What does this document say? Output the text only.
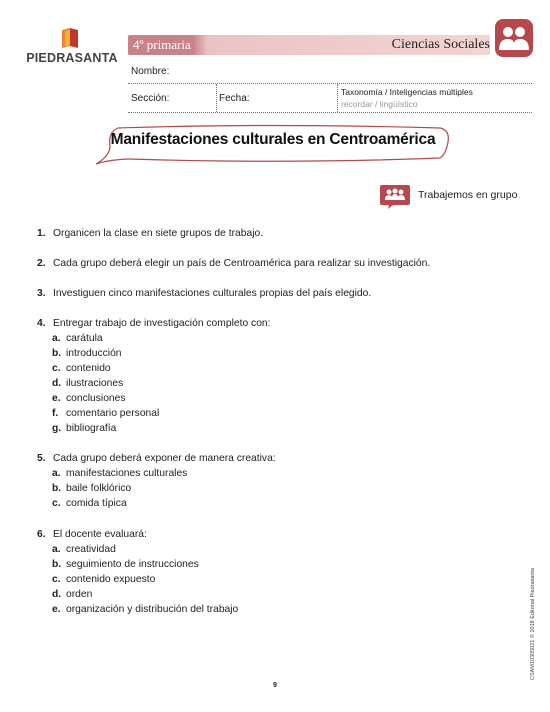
PIEDRASANTA
4º primaria	Ciencias Sociales
Nombre:
Sección:	Fecha:
Taxonomía / Inteligencias múltiples
recordar / lingüístico
Manifestaciones culturales en Centroamérica
Trabajemos en grupo
1. Organicen la clase en siete grupos de trabajo.
2. Cada grupo deberá elegir un país de Centroamérica para realizar su investigación.
3. Investiguen cinco manifestaciones culturales propias del país elegido.
4. Entregar trabajo de investigación completo con:
a. carátula
b. introducción
c. contenido
d. ilustraciones
e. conclusiones
f. comentario personal
g. bibliografía
5. Cada grupo deberá exponer de manera creativa:
a. manifestaciones culturales
b. baile folklórico
c. comida típica
6. El docente evaluará:
a. creatividad
b. seguimiento de instrucciones
c. contenido expuesto
d. orden
e. organización y distribución del trabajo	CSAM10305021 © 2018 Editorial Piedrasanta
9
